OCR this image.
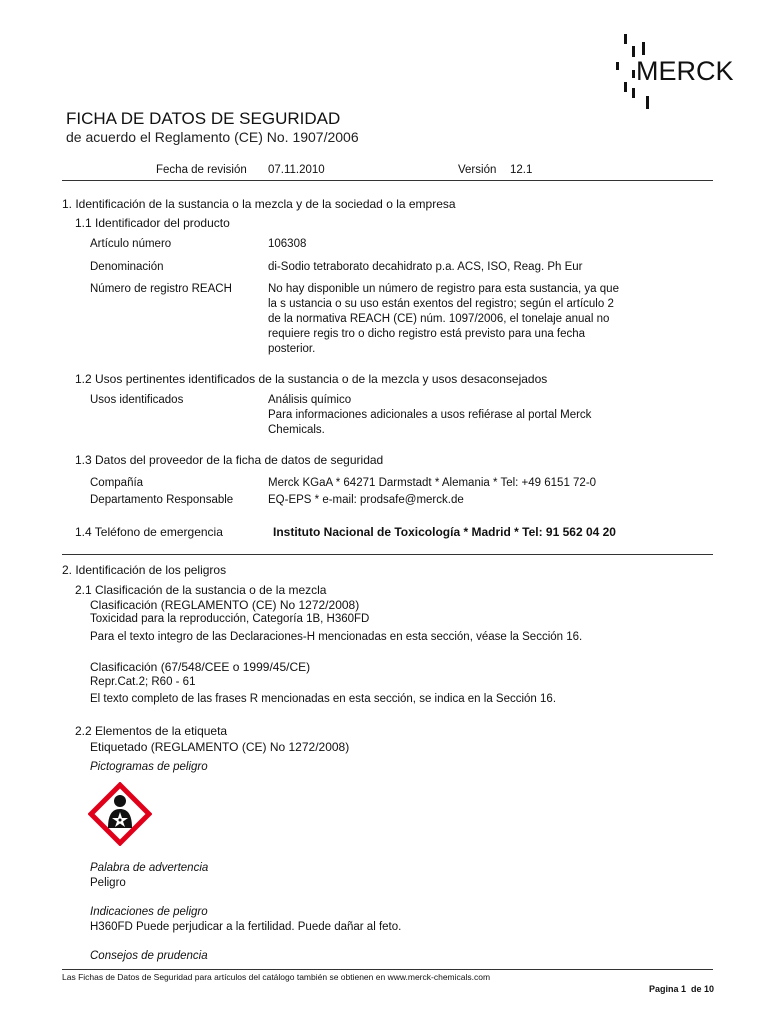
MERCK
FICHA DE DATOS DE SEGURIDAD
de acuerdo el Reglamento (CE) No. 1907/2006
Fecha de revisión 07.11.2010	Versión 12.1
1. Identificación de la sustancia o la mezcla y de la sociedad o la empresa
1.1 Identificador del producto
Artículo número	106308
Denominación	di-Sodio tetraborato decahidrato p.a. ACS, ISO, Reag. Ph Eur
Número de registro REACH	No hay disponible un número de registro para esta sustancia, ya que
la s ustancia o su uso están exentos del registro; según el artículo 2
de la normativa REACH (CE) núm. 1097/2006, el tonelaje anual no
requiere regis tro o dicho registro está previsto para una fecha
posterior.
1.2 Usos pertinentes identificados de la sustancia o de la mezcla y usos desaconsejados
Usos identificados	Análisis químico
Para informaciones adicionales a usos refiérase al portal Merck
Chemicals.
1.3 Datos del proveedor de la ficha de datos de seguridad
Compañía	Merck KGaA * 64271 Darmstadt * Alemania * Tel: +49 6151 72-0
Departamento Responsable	EQ-EPS * e-mail: prodsafe@merck.de
1.4 Teléfono de emergencia	Instituto Nacional de Toxicología * Madrid * Tel: 91 562 04 20
2. Identificación de los peligros
2.1 Clasificación de la sustancia o de la mezcla
Clasificación (REGLAMENTO (CE) No 1272/2008)
Toxicidad para la reproducción, Categoría 1B, H360FD
Para el texto integro de las Declaraciones-H mencionadas en esta sección, véase la Sección 16.
Clasificación (67/548/CEE o 1999/45/CE)
Repr.Cat.2; R60 - 61
El texto completo de las frases R mencionadas en esta sección, se indica en la Sección 16.
2.2 Elementos de la etiqueta
Etiquetado (REGLAMENTO (CE) No 1272/2008)
Pictogramas de peligro
Palabra de advertencia
Peligro
Indicaciones de peligro
H360FD Puede perjudicar a la fertilidad. Puede dañar al feto.
Consejos de prudencia
Las Fichas de Datos de Seguridad para artículos del catálogo también se obtienen en www.merck-chemicals.com
Pagina 1  de 10
